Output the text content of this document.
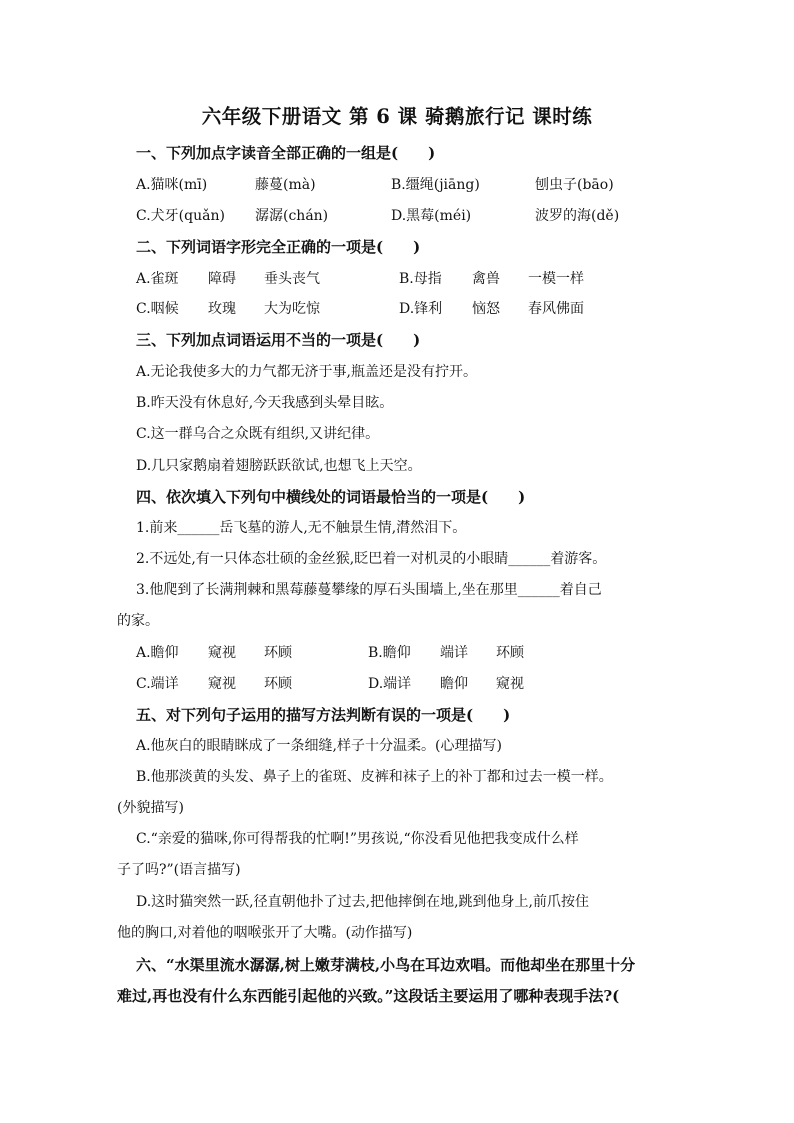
六年级下册语文 第 6 课 骑鹅旅行记 课时练
一、下列加点字读音全部正确的一组是(　　)
A.猫咪(mī)	藤蔓(mà)	B.缰绳(jiāng)	刨虫子(bāo)
C.犬牙(quǎn) 潺潺(chán)	D.黑莓(méi)	波罗的海(dě)
二、下列词语字形完全正确的一项是(　　)
A.雀斑 障碍 垂头丧气	B.母指 禽兽 一模一样
C.咽候 玫瑰 大为吃惊	D.锋利 恼怒 春风佛面
三、下列加点词语运用不当的一项是(　　)
A.无论我使多大的力气都无济于事,瓶盖还是没有拧开。
B.昨天没有休息好,今天我感到头晕目眩。
C.这一群乌合之众既有组织,又讲纪律。
D.几只家鹅扇着翅膀跃跃欲试,也想飞上天空。
四、依次填入下列句中横线处的词语最恰当的一项是(　　)
1.前来______岳飞墓的游人,无不触景生情,潸然泪下。
2.不远处,有一只体态壮硕的金丝猴,眨巴着一对机灵的小眼睛______着游客。
3.他爬到了长满荆棘和黑莓藤蔓攀缘的厚石头围墙上,坐在那里______着自己
的家。
A.瞻仰 窥视 环顾	B.瞻仰 端详 环顾
C.端详 窥视 环顾	D.端详 瞻仰 窥视
五、对下列句子运用的描写方法判断有误的一项是(　　)
A.他灰白的眼睛眯成了一条细缝,样子十分温柔。(心理描写)
B.他那淡黄的头发、鼻子上的雀斑、皮裤和袜子上的补丁都和过去一模一样。
(外貌描写)
C.“亲爱的猫咪,你可得帮我的忙啊!”男孩说,“你没看见他把我变成什么样
子了吗?”(语言描写)
D.这时猫突然一跃,径直朝他扑了过去,把他摔倒在地,跳到他身上,前爪按住
他的胸口,对着他的咽喉张开了大嘴。(动作描写)
六、“水渠里流水潺潺,树上嫩芽满枝,小鸟在耳边欢唱。而他却坐在那里十分
难过,再也没有什么东西能引起他的兴致。”这段话主要运用了哪种表现手法?(
